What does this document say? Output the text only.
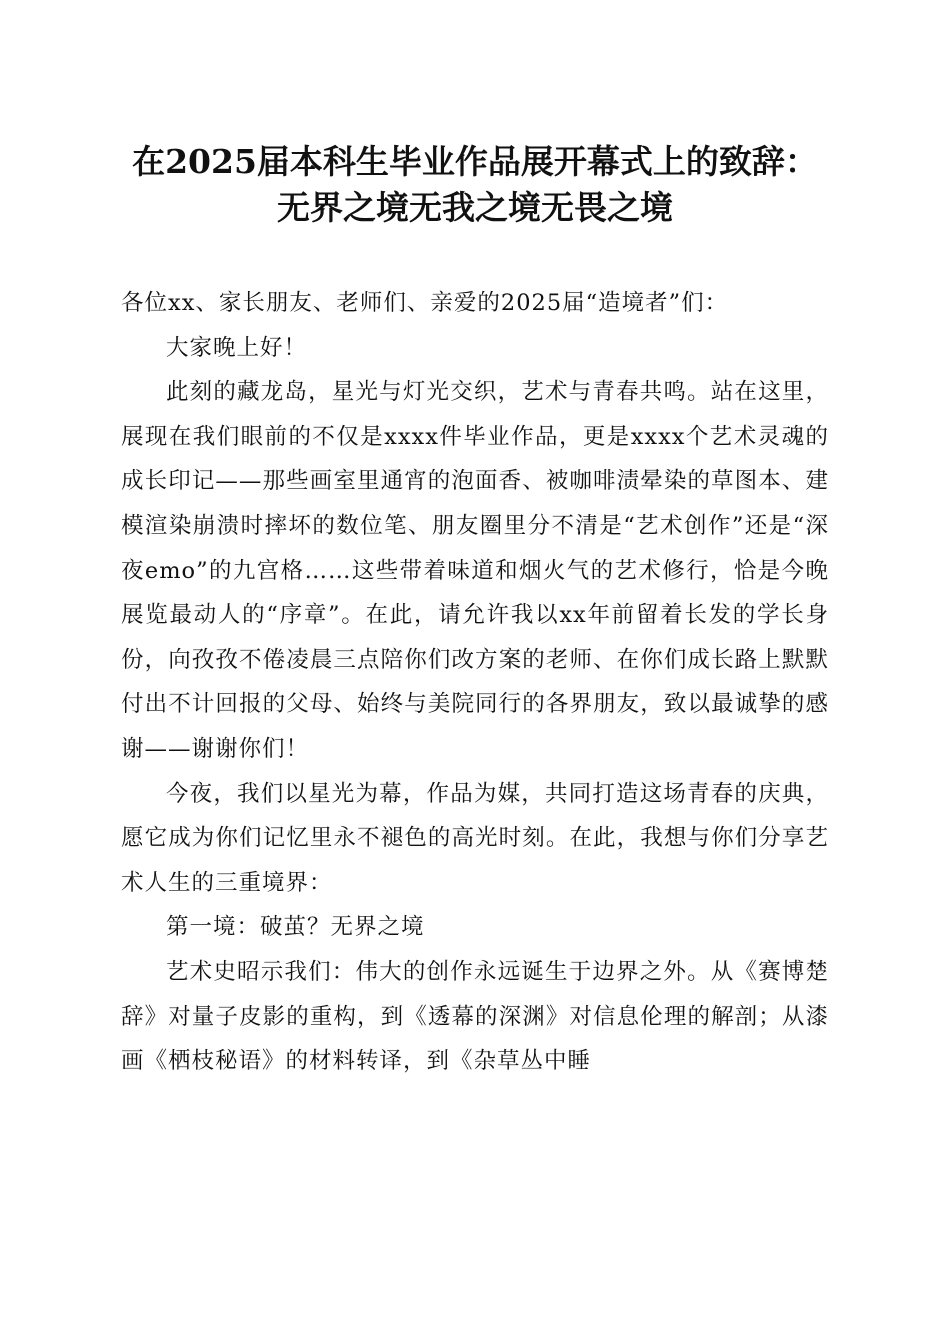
在2025届本科生毕业作品展开幕式上的致辞：
无界之境无我之境无畏之境

各位xx、家长朋友、老师们、亲爱的2025届“造境者”们：

大家晚上好！

此刻的藏龙岛，星光与灯光交织，艺术与青春共鸣。站在这里，展现在我们眼前的不仅是xxxx件毕业作品，更是xxxx个艺术灵魂的成长印记——那些画室里通宵的泡面香、被咖啡渍晕染的草图本、建模渲染崩溃时摔坏的数位笔、朋友圈里分不清是“艺术创作”还是“深夜emo”的九宫格……这些带着味道和烟火气的艺术修行，恰是今晚展览最动人的“序章”。在此，请允许我以xx年前留着长发的学长身份，向孜孜不倦凌晨三点陪你们改方案的老师、在你们成长路上默默付出不计回报的父母、始终与美院同行的各界朋友，致以最诚挚的感谢——谢谢你们！

今夜，我们以星光为幕，作品为媒，共同打造这场青春的庆典，愿它成为你们记忆里永不褪色的高光时刻。在此，我想与你们分享艺术人生的三重境界：

第一境：破茧？无界之境

艺术史昭示我们：伟大的创作永远诞生于边界之外。从《赛博楚辞》对量子皮影的重构，到《透幕的深渊》对信息伦理的解剖；从漆画《栖枝秘语》的材料转译，到《杂草丛中睡
